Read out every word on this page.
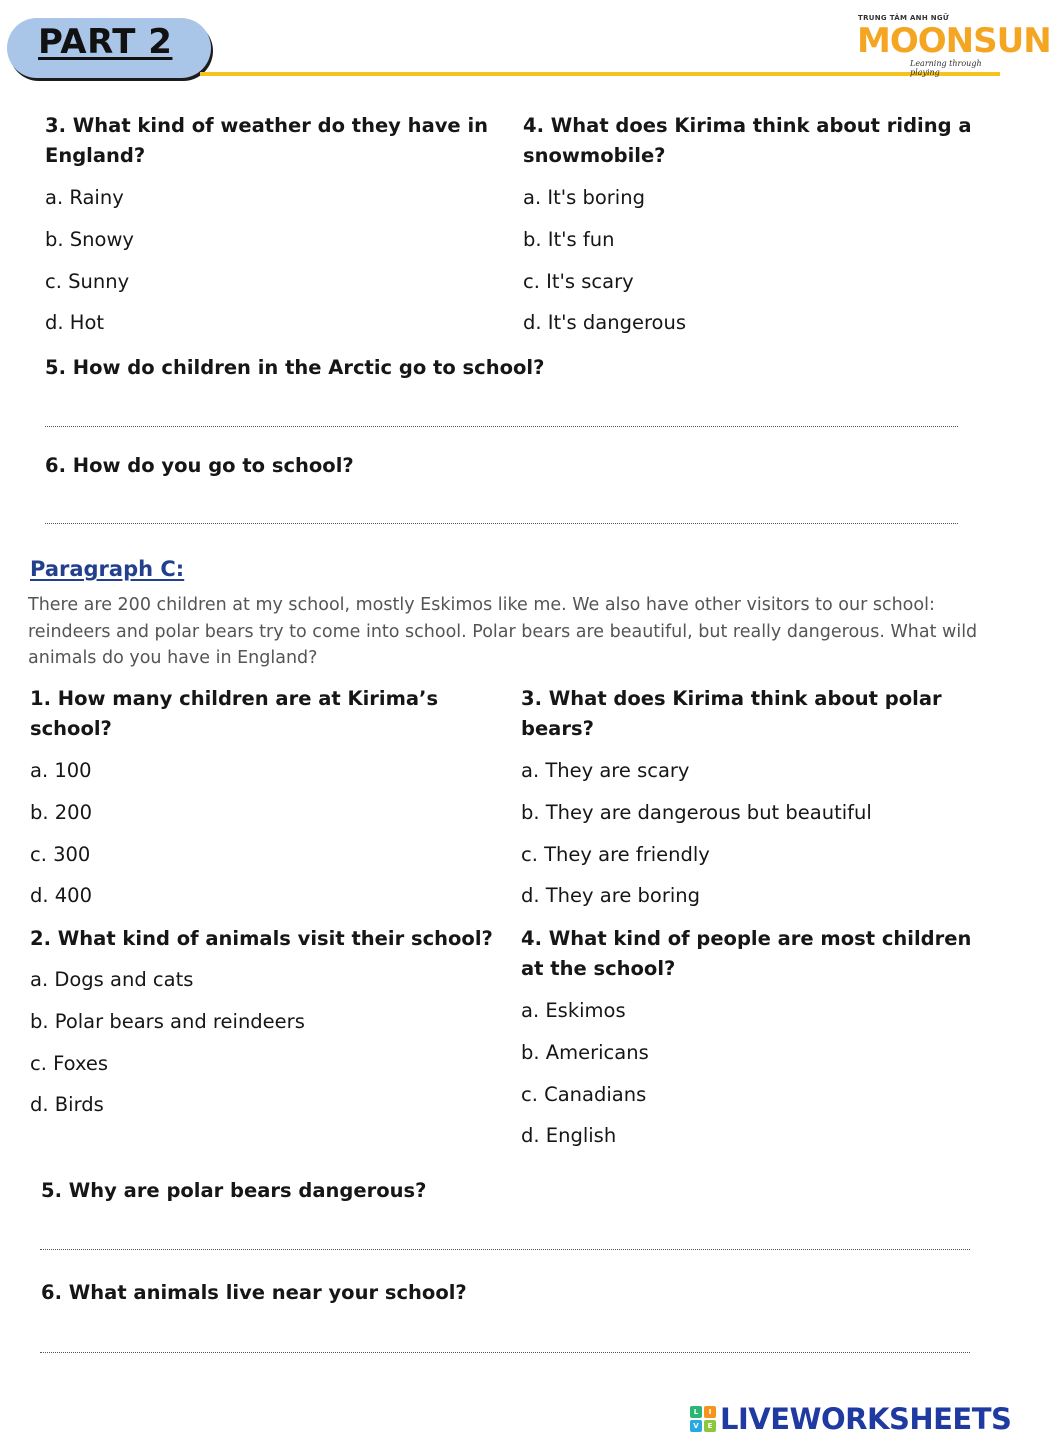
PART 2
TRUNG TÂM ANH NGỮ
MOONSUN
Learning through playing

3. What kind of weather do they have in
England?

a. Rainy

b. Snowy

c. Sunny

d. Hot

4. What does Kirima think about riding a
snowmobile?

a. It's boring

b. It's fun

c. It's scary

d. It's dangerous

5. How do children in the Arctic go to school?

6. How do you go to school?

Paragraph C:

There are 200 children at my school, mostly Eskimos like me. We also have other visitors to our school: reindeers and polar bears try to come into school. Polar bears are beautiful, but really dangerous. What wild animals do you have in England?

1. How many children are at Kirima’s
school?

a. 100

b. 200

c. 300

d. 400

3. What does Kirima think about polar
bears?

a. They are scary

b. They are dangerous but beautiful

c. They are friendly

d. They are boring

2. What kind of animals visit their school?

a. Dogs and cats

b. Polar bears and reindeers

c. Foxes

d. Birds

4. What kind of people are most children
at the school?

a. Eskimos

b. Americans

c. Canadians

d. English

5. Why are polar bears dangerous?

6. What animals live near your school?

L	I
V	E LIVEWORKSHEETS
